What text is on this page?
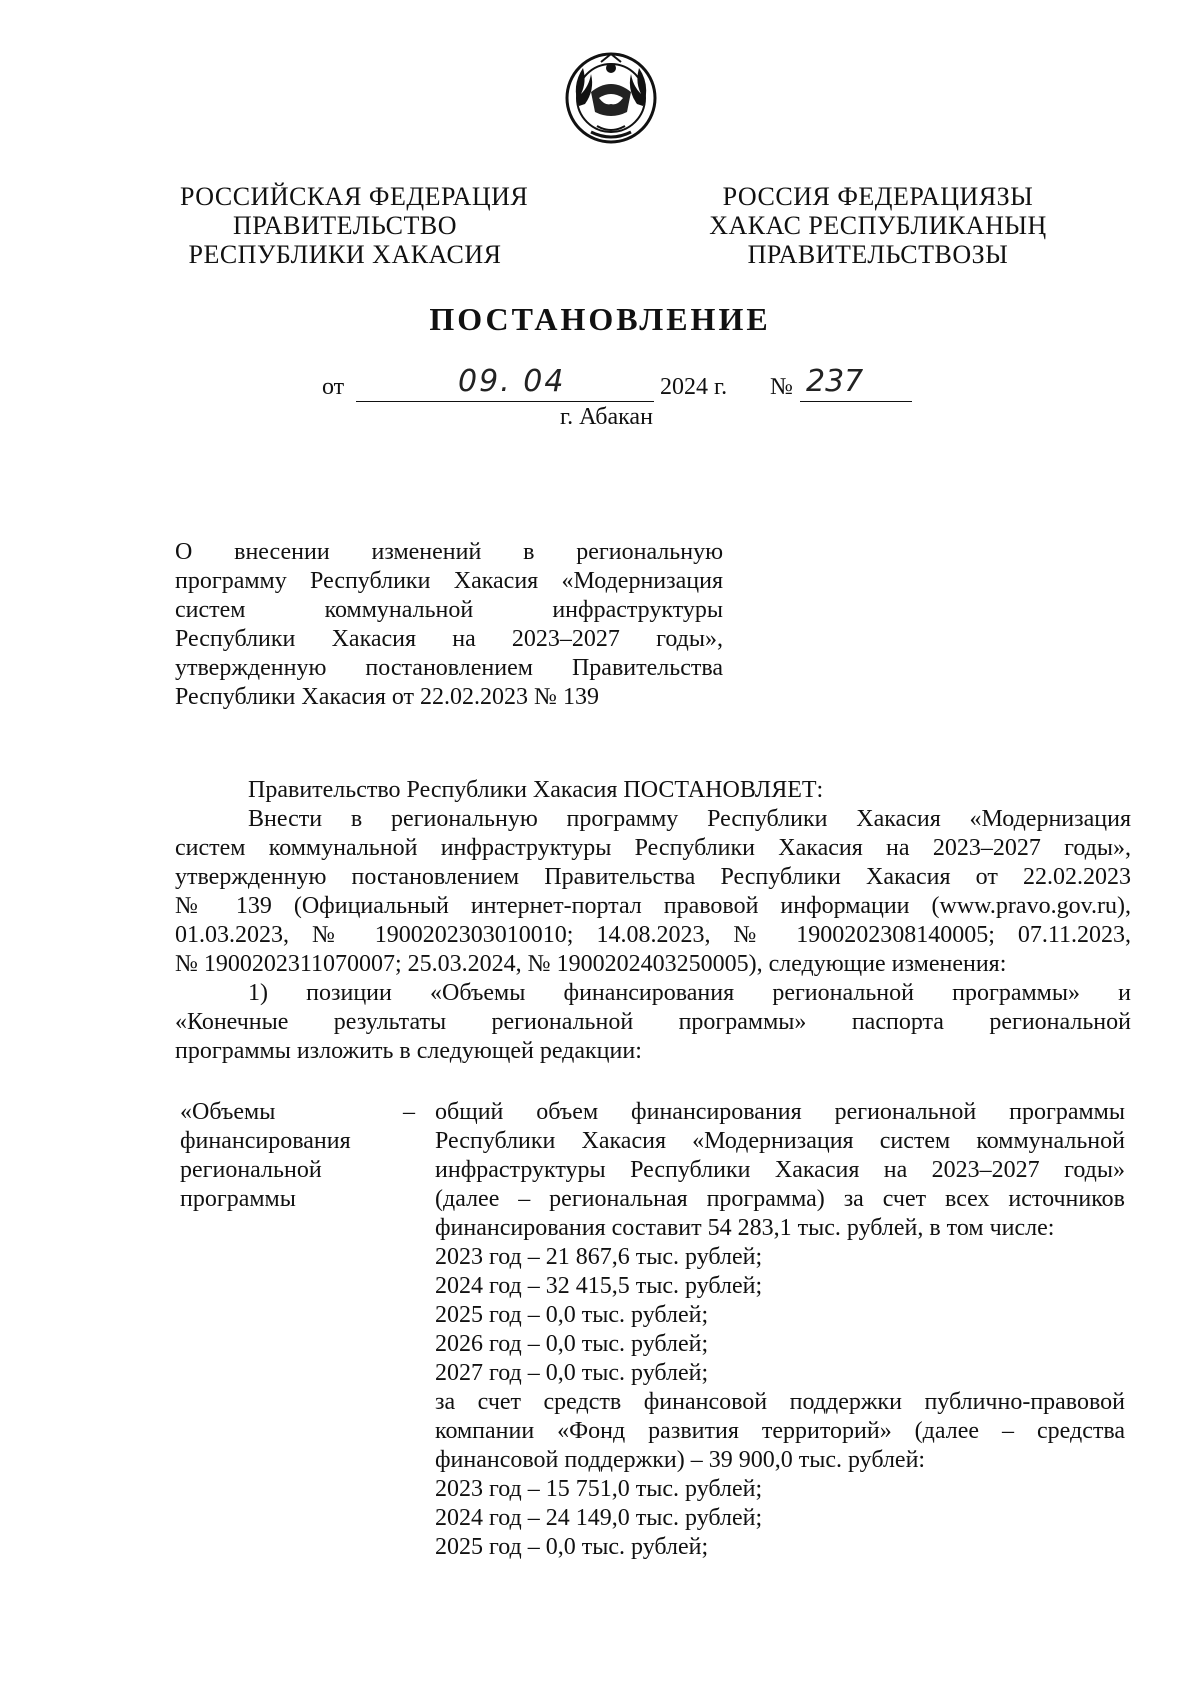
РОССИЙСКАЯ ФЕДЕРАЦИЯ
ПРАВИТЕЛЬСТВО
РЕСПУБЛИКИ ХАКАСИЯ
РОССИЯ ФЕДЕРАЦИЯЗЫ
ХАКАС РЕСПУБЛИКАНЫҢ
ПРАВИТЕЛЬСТВОЗЫ
ПОСТАНОВЛЕНИЕ
от	09. 04	2024 г. № 237
г. Абакан
О внесении изменений в региональную
программу Республики Хакасия «Модернизация
систем коммунальной инфраструктуры
Республики Хакасия на 2023–2027 годы»,
утвержденную постановлением Правительства
Республики Хакасия от 22.02.2023 № 139

Правительство Республики Хакасия ПОСТАНОВЛЯЕТ:

Внести в региональную программу Республики Хакасия «Модернизация
систем коммунальной инфраструктуры Республики Хакасия на 2023–2027 годы»,
утвержденную постановлением Правительства Республики Хакасия от 22.02.2023
№ 139 (Официальный интернет-портал правовой информации (www.pravo.gov.ru),
01.03.2023, № 1900202303010010; 14.08.2023, № 1900202308140005; 07.11.2023,
№ 1900202311070007; 25.03.2024, № 1900202403250005), следующие изменения:
1) позиции «Объемы финансирования региональной программы» и
«Конечные результаты региональной программы» паспорта региональной
программы изложить в следующей редакции:
«Объемы
финансирования
региональной
программы
– общий объем финансирования региональной программы
Республики Хакасия «Модернизация систем коммунальной
инфраструктуры Республики Хакасия на 2023–2027 годы»
(далее – региональная программа) за счет всех источников
финансирования составит 54 283,1 тыс. рублей, в том числе:
2023 год – 21 867,6 тыс. рублей;
2024 год – 32 415,5 тыс. рублей;
2025 год – 0,0 тыс. рублей;
2026 год – 0,0 тыс. рублей;
2027 год – 0,0 тыс. рублей;
за счет средств финансовой поддержки публично-правовой
компании «Фонд развития территорий» (далее – средства
финансовой поддержки) – 39 900,0 тыс. рублей:
2023 год – 15 751,0 тыс. рублей;
2024 год – 24 149,0 тыс. рублей;
2025 год – 0,0 тыс. рублей;
